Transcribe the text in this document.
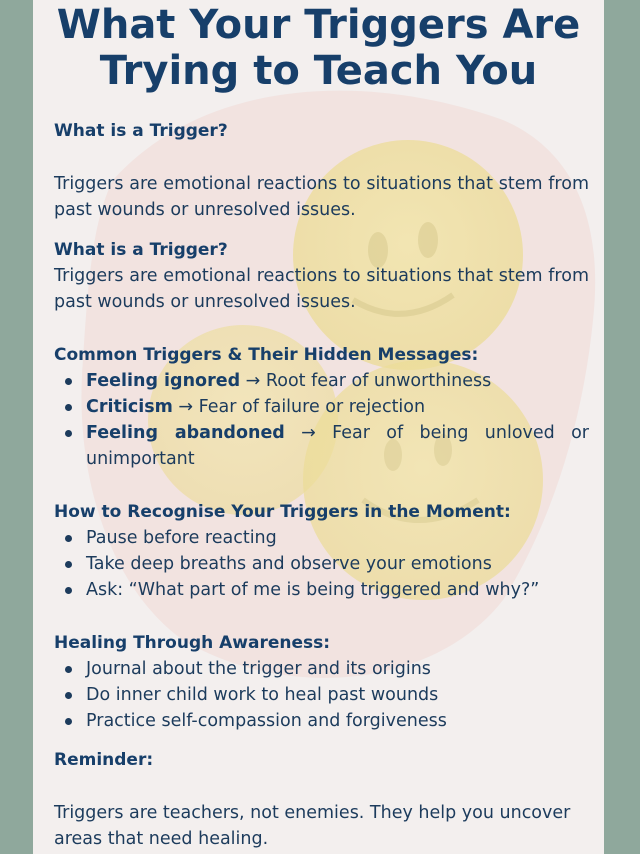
What Your Triggers Are
Trying to Teach You
What is a Trigger?
Triggers are emotional reactions to situations that stem from past wounds or unresolved issues.
What is a Trigger?
Triggers are emotional reactions to situations that stem from past wounds or unresolved issues.
Common Triggers & Their Hidden Messages:
Feeling ignored → Root fear of unworthiness
Criticism → Fear of failure or rejection
Feeling abandoned → Fear of being unloved or unimportant
How to Recognise Your Triggers in the Moment:
Pause before reacting
Take deep breaths and observe your emotions
Ask: “What part of me is being triggered and why?”
Healing Through Awareness:
Journal about the trigger and its origins
Do inner child work to heal past wounds
Practice self-compassion and forgiveness
Reminder:
Triggers are teachers, not enemies. They help you uncover areas that need healing.
